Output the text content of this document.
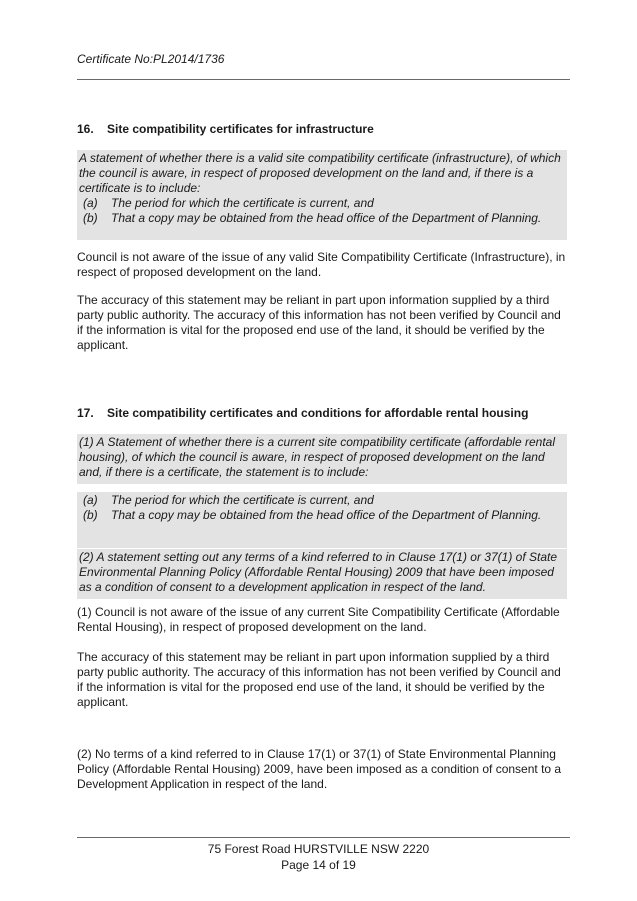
Certificate No:PL2014/1736
16. Site compatibility certificates for infrastructure

A statement of whether there is a valid site compatibility certificate (infrastructure), of which the council is aware, in respect of proposed development on the land and, if there is a certificate is to include:

(a)	The period for which the certificate is current, and
(b)	That a copy may be obtained from the head office of the Department of Planning.

Council is not aware of the issue of any valid Site Compatibility Certificate (Infrastructure), in respect of proposed development on the land.

The accuracy of this statement may be reliant in part upon information supplied by a third party public authority. The accuracy of this information has not been verified by Council and if the information is vital for the proposed end use of the land, it should be verified by the applicant.

17. Site compatibility certificates and conditions for affordable rental housing

(1) A Statement of whether there is a current site compatibility certificate (affordable rental housing), of which the council is aware, in respect of proposed development on the land and, if there is a certificate, the statement is to include:

(a)	The period for which the certificate is current, and
(b)	That a copy may be obtained from the head office of the Department of Planning.

(2) A statement setting out any terms of a kind referred to in Clause 17(1) or 37(1) of State Environmental Planning Policy (Affordable Rental Housing) 2009 that have been imposed as a condition of consent to a development application in respect of the land.

(1) Council is not aware of the issue of any current Site Compatibility Certificate (Affordable Rental Housing), in respect of proposed development on the land.

The accuracy of this statement may be reliant in part upon information supplied by a third party public authority. The accuracy of this information has not been verified by Council and if the information is vital for the proposed end use of the land, it should be verified by the applicant.

(2) No terms of a kind referred to in Clause 17(1) or 37(1) of State Environmental Planning Policy (Affordable Rental Housing) 2009, have been imposed as a condition of consent to a Development Application in respect of the land.

75 Forest Road HURSTVILLE NSW 2220
Page 14 of 19
